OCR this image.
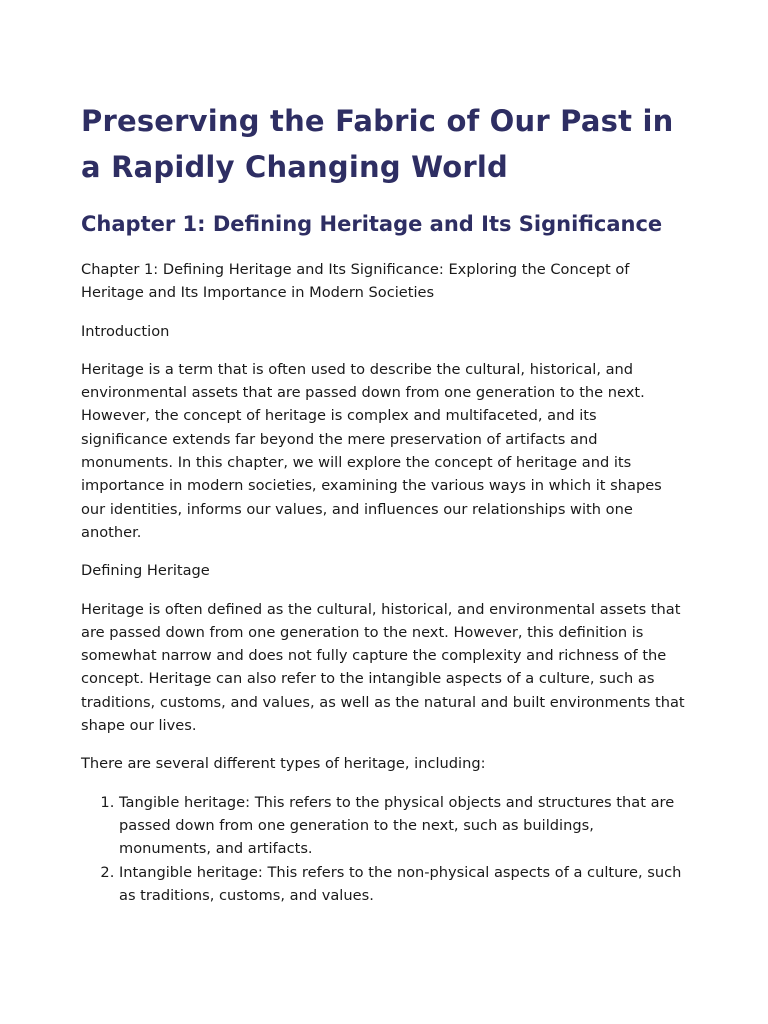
Preserving the Fabric of Our Past in a Rapidly Changing World
Chapter 1: Defining Heritage and Its Significance

Chapter 1: Defining Heritage and Its Significance: Exploring the Concept of Heritage and Its Importance in Modern Societies

Introduction

Heritage is a term that is often used to describe the cultural, historical, and environmental assets that are passed down from one generation to the next. However, the concept of heritage is complex and multifaceted, and its significance extends far beyond the mere preservation of artifacts and monuments. In this chapter, we will explore the concept of heritage and its importance in modern societies, examining the various ways in which it shapes our identities, informs our values, and influences our relationships with one another.

Defining Heritage

Heritage is often defined as the cultural, historical, and environmental assets that are passed down from one generation to the next. However, this definition is somewhat narrow and does not fully capture the complexity and richness of the concept. Heritage can also refer to the intangible aspects of a culture, such as traditions, customs, and values, as well as the natural and built environments that shape our lives.

There are several different types of heritage, including:

1. Tangible heritage: This refers to the physical objects and structures that are passed down from one generation to the next, such as buildings, monuments, and artifacts.
2. Intangible heritage: This refers to the non-physical aspects of a culture, such as traditions, customs, and values.
